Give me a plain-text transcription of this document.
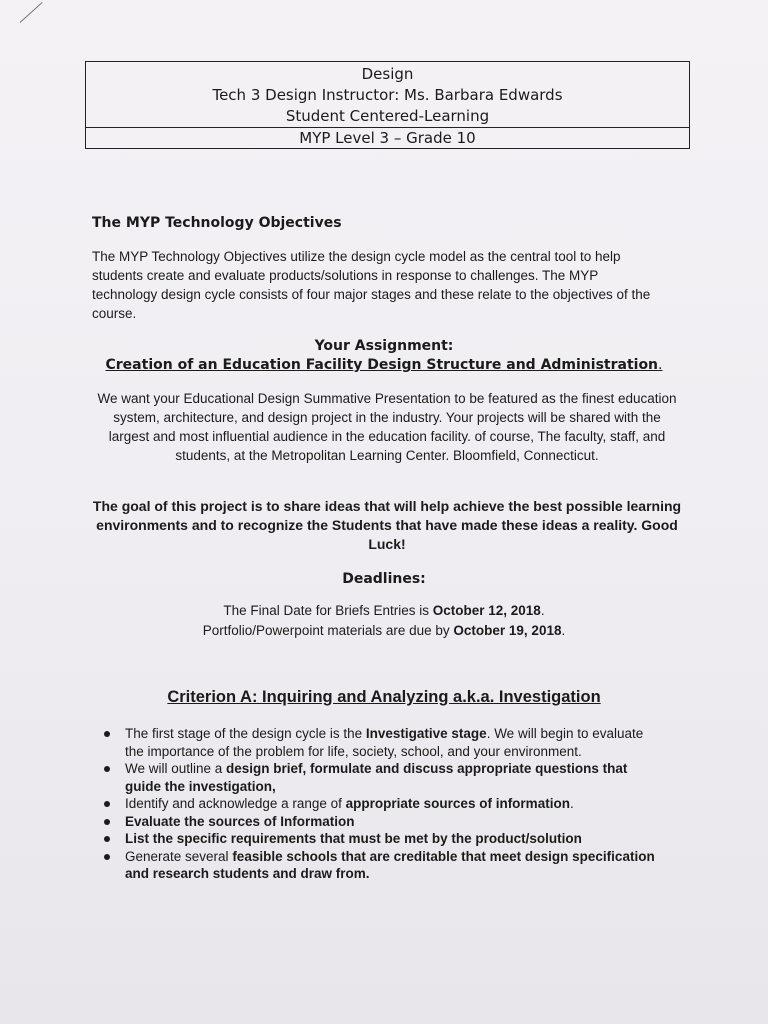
Design
Tech 3 Design Instructor: Ms. Barbara Edwards
Student Centered-Learning
MYP Level 3 – Grade 10
The MYP Technology Objectives
The MYP Technology Objectives utilize the design cycle model as the central tool to help students create and evaluate products/solutions in response to challenges. The MYP technology design cycle consists of four major stages and these relate to the objectives of the course.
Your Assignment:
Creation of an Education Facility Design Structure and Administration.
We want your Educational Design Summative Presentation to be featured as the finest education system, architecture, and design project in the industry. Your projects will be shared with the largest and most influential audience in the education facility. of course, The faculty, staff, and students, at the Metropolitan Learning Center. Bloomfield, Connecticut.
The goal of this project is to share ideas that will help achieve the best possible learning environments and to recognize the Students that have made these ideas a reality. Good Luck!
Deadlines:
The Final Date for Briefs Entries is October 12, 2018.
Portfolio/Powerpoint materials are due by October 19, 2018.
Criterion A: Inquiring and Analyzing a.k.a. Investigation
The first stage of the design cycle is the Investigative stage. We will begin to evaluate the importance of the problem for life, society, school, and your environment.
We will outline a design brief, formulate and discuss appropriate questions that guide the investigation,
Identify and acknowledge a range of appropriate sources of information.
Evaluate the sources of Information
List the specific requirements that must be met by the product/solution
Generate several feasible schools that are creditable that meet design specification and research students and draw from.
